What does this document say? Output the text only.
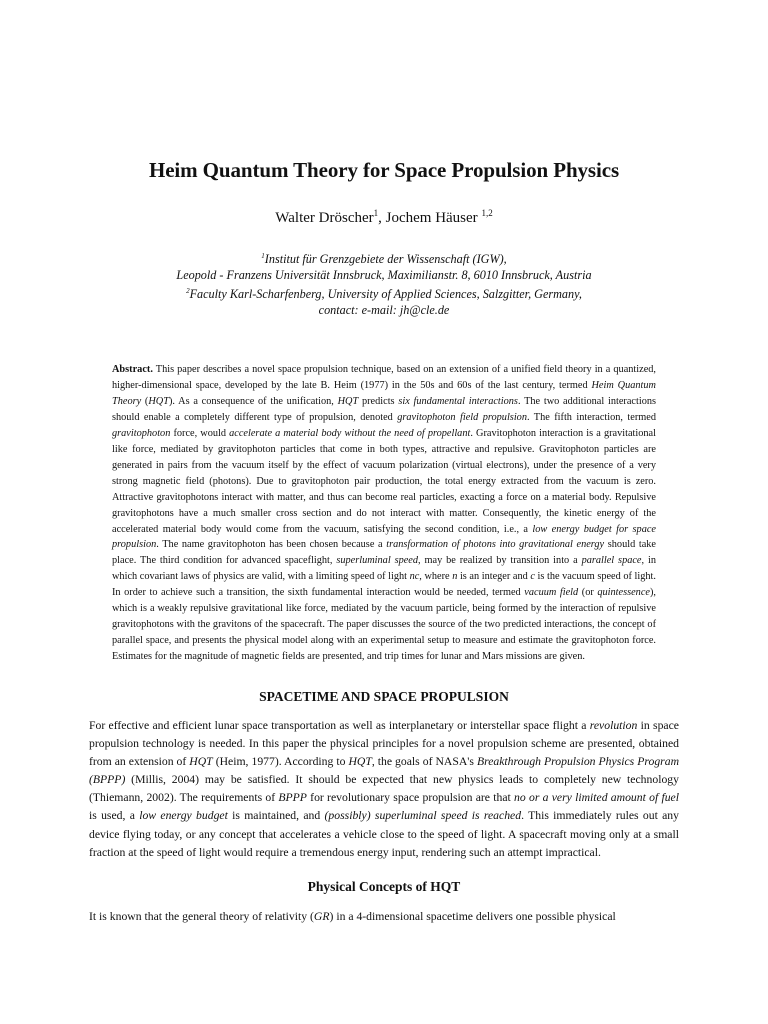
Heim Quantum Theory for Space Propulsion Physics
Walter Dröscher$^1$, Jochem Häuser $^{1,2}$
$^1$Institut für Grenzgebiete der Wissenschaft (IGW),
Leopold - Franzens Universität Innsbruck, Maximilianstr. 8, 6010 Innsbruck, Austria
$^2$Faculty Karl-Scharfenberg, University of Applied Sciences, Salzgitter, Germany,
contact: e-mail: jh@cle.de
Abstract. This paper describes a novel space propulsion technique, based on an extension of a unified field theory in a quantized, higher-dimensional space, developed by the late B. Heim (1977) in the 50s and 60s of the last century, termed Heim Quantum Theory (HQT). As a consequence of the unification, HQT predicts six fundamental interactions. The two additional interactions should enable a completely different type of propulsion, denoted gravitophoton field propulsion. The fifth interaction, termed gravitophoton force, would accelerate a material body without the need of propellant. Gravitophoton interaction is a gravitational like force, mediated by gravitophoton particles that come in both types, attractive and repulsive. Gravitophoton particles are generated in pairs from the vacuum itself by the effect of vacuum polarization (virtual electrons), under the presence of a very strong magnetic field (photons). Due to gravitophoton pair production, the total energy extracted from the vacuum is zero. Attractive gravitophotons interact with matter, and thus can become real particles, exacting a force on a material body. Repulsive gravitophotons have a much smaller cross section and do not interact with matter. Consequently, the kinetic energy of the accelerated material body would come from the vacuum, satisfying the second condition, i.e., a low energy budget for space propulsion. The name gravitophoton has been chosen because a transformation of photons into gravitational energy should take place. The third condition for advanced spaceflight, superluminal speed, may be realized by transition into a parallel space, in which covariant laws of physics are valid, with a limiting speed of light nc, where n is an integer and c is the vacuum speed of light. In order to achieve such a transition, the sixth fundamental interaction would be needed, termed vacuum field (or quintessence), which is a weakly repulsive gravitational like force, mediated by the vacuum particle, being formed by the interaction of repulsive gravitophotons with the gravitons of the spacecraft. The paper discusses the source of the two predicted interactions, the concept of parallel space, and presents the physical model along with an experimental setup to measure and estimate the gravitophoton force. Estimates for the magnitude of magnetic fields are presented, and trip times for lunar and Mars missions are given.
SPACETIME AND SPACE PROPULSION
For effective and efficient lunar space transportation as well as interplanetary or interstellar space flight a revolution in space propulsion technology is needed. In this paper the physical principles for a novel propulsion scheme are presented, obtained from an extension of HQT (Heim, 1977). According to HQT, the goals of NASA's Breakthrough Propulsion Physics Program (BPPP) (Millis, 2004) may be satisfied. It should be expected that new physics leads to completely new technology (Thiemann, 2002). The requirements of BPPP for revolutionary space propulsion are that no or a very limited amount of fuel is used, a low energy budget is maintained, and (possibly) superluminal speed is reached. This immediately rules out any device flying today, or any concept that accelerates a vehicle close to the speed of light. A spacecraft moving only at a small fraction at the speed of light would require a tremendous energy input, rendering such an attempt impractical.
Physical Concepts of HQT
It is known that the general theory of relativity (GR) in a 4-dimensional spacetime delivers one possible physical
